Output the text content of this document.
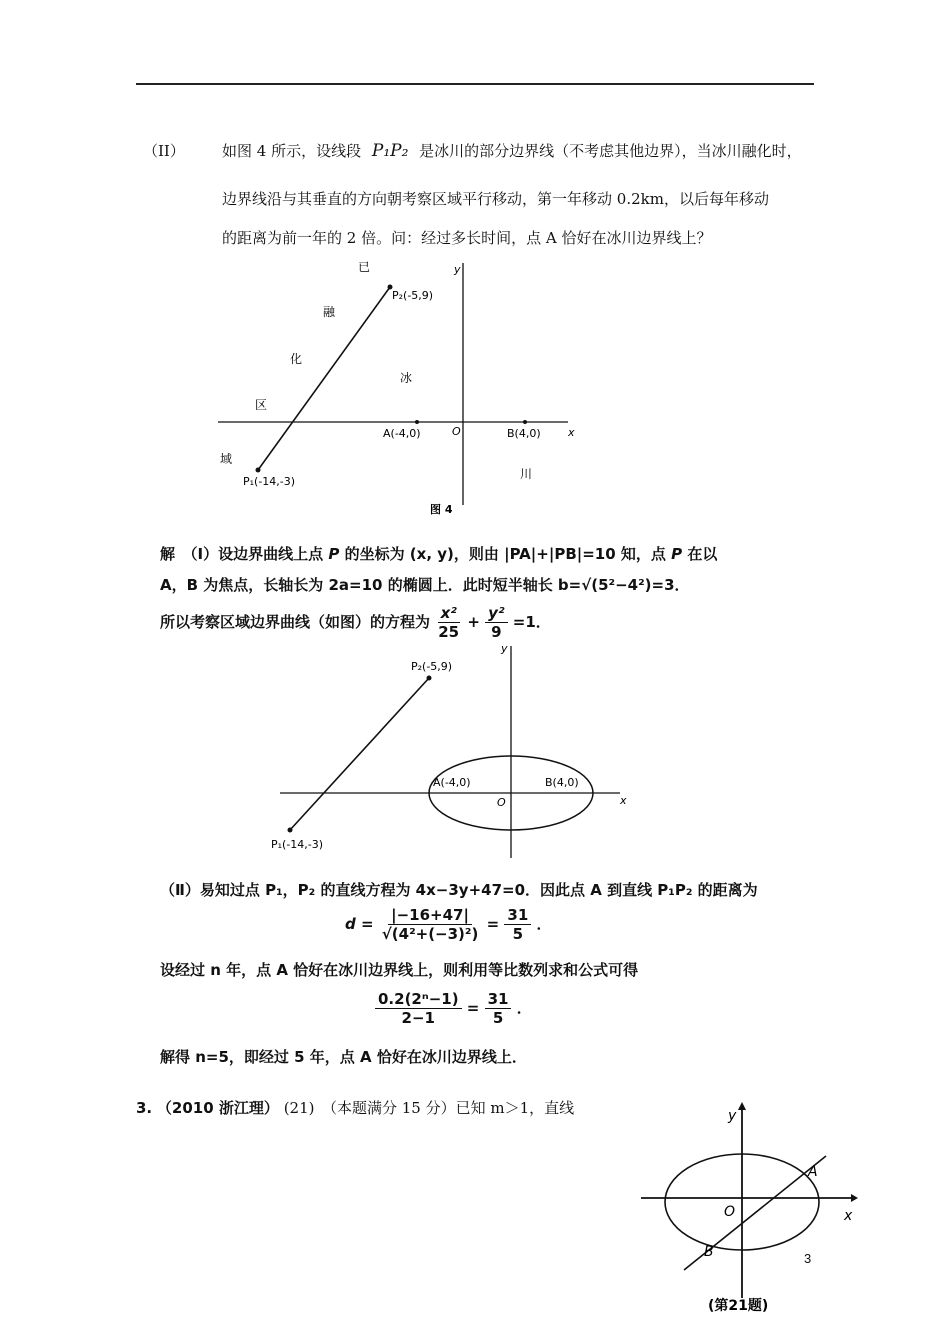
（II） 如图 4 所示，设线段 P₁P₂ 是冰川的部分边界线（不考虑其他边界），当冰川融化时，
边界线沿与其垂直的方向朝考察区域平行移动，第一年移动 0.2km，以后每年移动
的距离为前一年的 2 倍。问：经过多长时间，点 A 恰好在冰川边界线上？
y
x
O
P₂(-5,9)
P₁(-14,-3)
A(-4,0)	B(4,0)
已
融
化
区
域
冰
川
图 4
解　（Ⅰ）设边界曲线上点 P 的坐标为 (x, y)，则由 |PA|+|PB|=10 知，点 P 在以
A，B 为焦点，长轴长为 2a=10 的椭圆上．此时短半轴长 b=√(5²−4²)=3．
所以考察区域边界曲线（如图）的方程为 $\frac{\text{x²}}{25} + \frac{\text{y²}}{9} =1$．
P₂(-5,9)
P₁(-14,-3)
A(-4,0)	B(4,0)
O	x
y
（Ⅱ）易知过点 P₁，P₂ 的直线方程为 4x−3y+47=0．因此点 A 到直线 P₁P₂ 的距离为
$d = \frac{|-16+47|}{\text{√(4²+(−3)²)}} = \frac{31}{5}$ ．
设经过 n 年，点 A 恰好在冰川边界线上，则利用等比数列求和公式可得
$\frac{\text{0.2(2ⁿ−1)}}{2-1} = \frac{31}{5}$ ．
解得 n=5，即经过 5 年，点 A 恰好在冰川边界线上．
3. （2010 浙江理） (21)　（本题满分 15 分）已知 m＞1，直线
A
B
O	x
y
(第21题)
3
